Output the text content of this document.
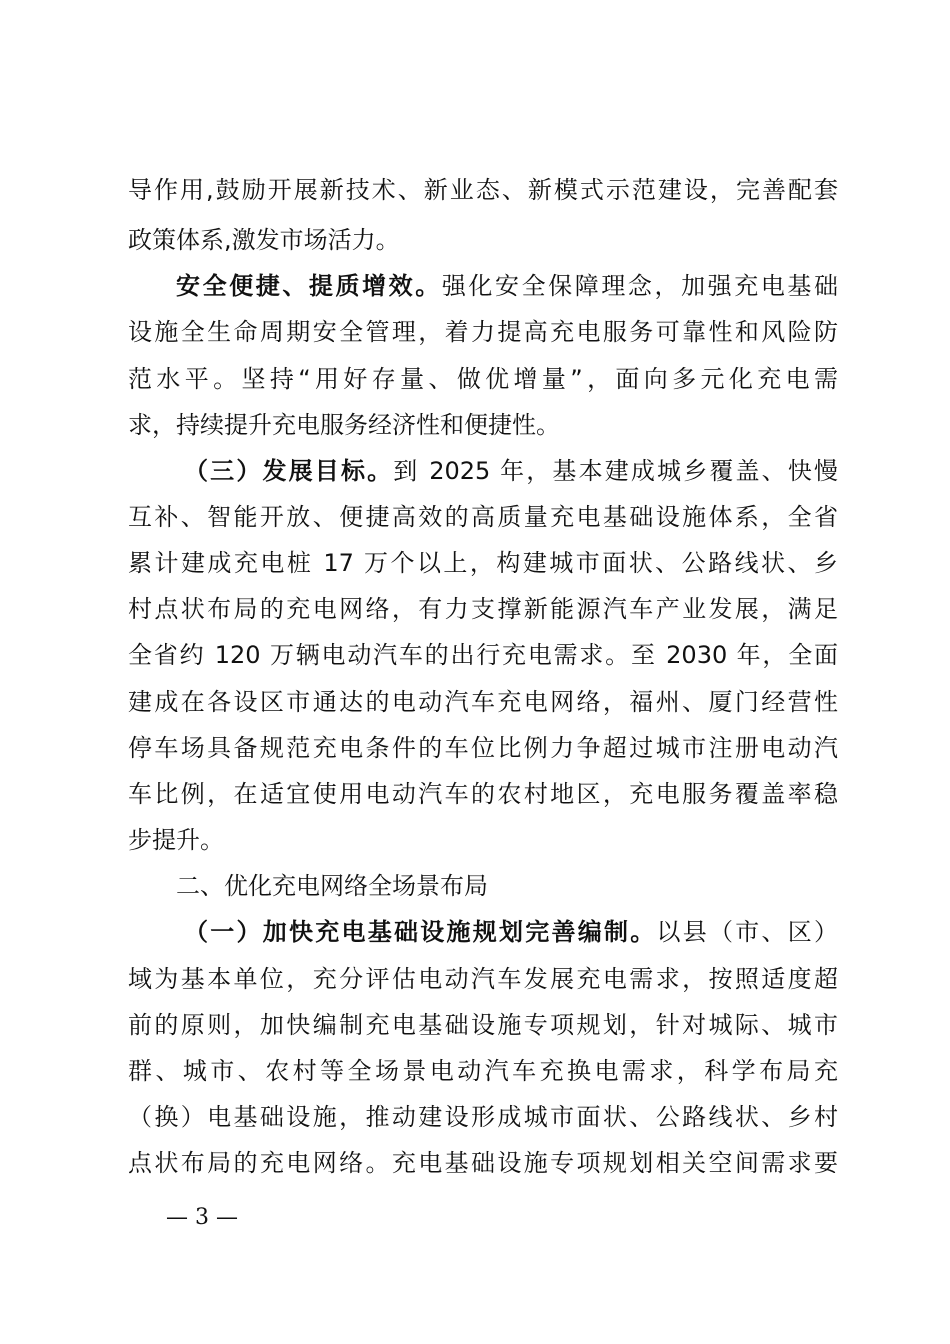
导作用,鼓励开展新技术、新业态、新模式示范建设，完善配套
政策体系,激发市场活力。
安全便捷、提质增效。强化安全保障理念，加强充电基础
设施全生命周期安全管理，着力提高充电服务可靠性和风险防
范水平。坚持“用好存量、做优增量”，面向多元化充电需
求，持续提升充电服务经济性和便捷性。
（三）发展目标。到 2025 年，基本建成城乡覆盖、快慢
互补、智能开放、便捷高效的高质量充电基础设施体系，全省
累计建成充电桩 17 万个以上，构建城市面状、公路线状、乡
村点状布局的充电网络，有力支撑新能源汽车产业发展，满足
全省约 120 万辆电动汽车的出行充电需求。至 2030 年，全面
建成在各设区市通达的电动汽车充电网络，福州、厦门经营性
停车场具备规范充电条件的车位比例力争超过城市注册电动汽
车比例，在适宜使用电动汽车的农村地区，充电服务覆盖率稳
步提升。
二、优化充电网络全场景布局
（一）加快充电基础设施规划完善编制。以县（市、区）
域为基本单位，充分评估电动汽车发展充电需求，按照适度超
前的原则，加快编制充电基础设施专项规划，针对城际、城市
群、城市、农村等全场景电动汽车充换电需求，科学布局充
（换）电基础设施，推动建设形成城市面状、公路线状、乡村
点状布局的充电网络。充电基础设施专项规划相关空间需求要
— 3 —
